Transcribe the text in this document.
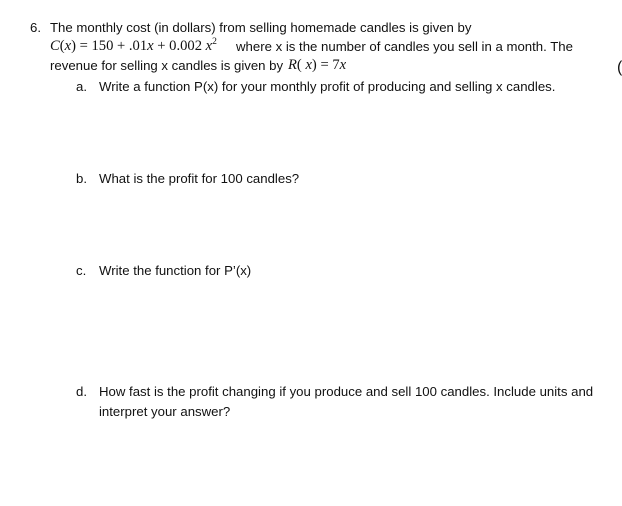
6. The monthly cost (in dollars) from selling homemade candles is given by
C(x) = 150 + .01x + 0.002 $x^2$ where x is the number of candles you sell in a month. The
revenue for selling x candles is given by R( x) = 7x
a. Write a function P(x) for your monthly profit of producing and selling x candles.
b. What is the profit for 100 candles?
c. Write the function for P’(x)
d. How fast is the profit changing if you produce and sell 100 candles. Include units and
interpret your answer?
(
